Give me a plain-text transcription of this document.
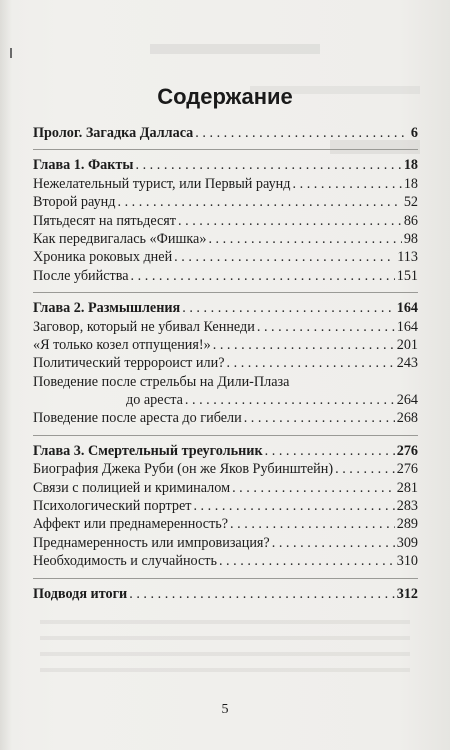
Содержание
Пролог. Загадка Далласа . . .	6
Глава 1. Факты . . .	18
Нежелательный турист, или Первый раунд . . .	18
Второй раунд . . .	52
Пятьдесят на пятьдесят . . .	86
Как передвигалась «Фишка» . . .	98
Хроника роковых дней . . .	113
После убийства . . .	151
Глава 2. Размышления . . .	164
Заговор, который не убивал Кеннеди . . .	164
«Я только козел отпущения!» . . .	201
Политический терророист или? . . .	243
Поведение после стрельбы на Дили-Плаза
до ареста . . .	264
Поведение после ареста до гибели . . .	268
Глава 3. Смертельный треугольник . . .	276
Биография Джека Руби (он же Яков Рубинштейн) . . .	276
Связи с полицией и криминалом . . .	281
Психологический портрет . . .	283
Аффект или преднамеренность? . . .	289
Преднамеренность или импровизация? . . .	309
Необходимость и случайность . . .	310
Подводя итоги . . .	312
5
